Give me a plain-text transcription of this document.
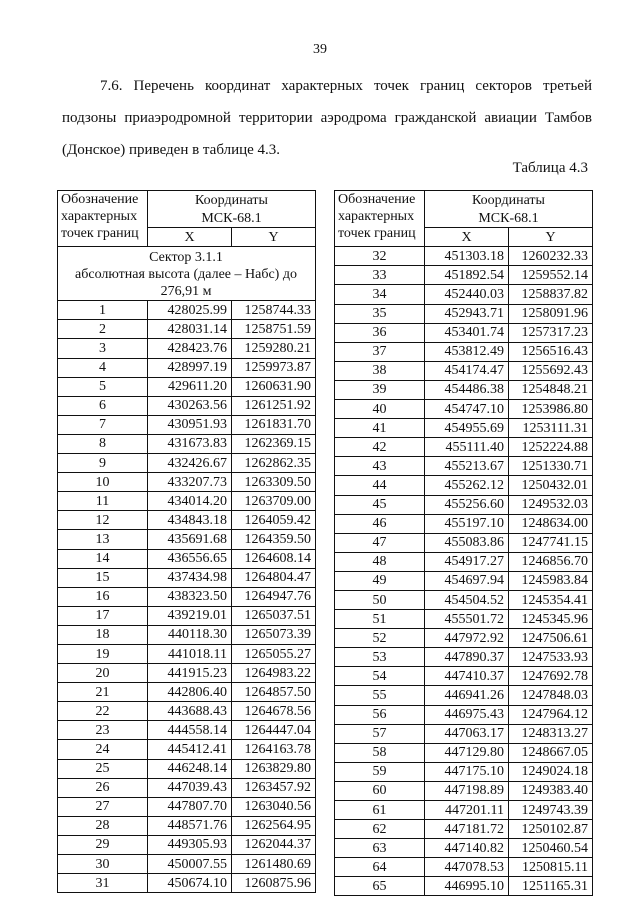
39
7.6. Перечень координат характерных точек границ секторов третьей
подзоны приаэродромной территории аэродрома гражданской авиации Тамбов
(Донское) приведен в таблице 4.3.
Таблица 4.3
Обозначение
характерных
точек границ	Координаты	
	МСК-68.1	
	X	Y

Сектор 3.1.1
абсолютная высота (далее – Набс) до
276,91 м		

1	428025.99	1258744.33
2	428031.14	1258751.59
3	428423.76	1259280.21
4	428997.19	1259973.87
5	429611.20	1260631.90
6	430263.56	1261251.92
7	430951.93	1261831.70
8	431673.83	1262369.15
9	432426.67	1262862.35
10	433207.73	1263309.50
11	434014.20	1263709.00
12	434843.18	1264059.42
13	435691.68	1264359.50
14	436556.65	1264608.14
15	437434.98	1264804.47
16	438323.50	1264947.76
17	439219.01	1265037.51
18	440118.30	1265073.39
19	441018.11	1265055.27
20	441915.23	1264983.22
21	442806.40	1264857.50
22	443688.43	1264678.56
23	444558.14	1264447.04
24	445412.41	1264163.78
25	446248.14	1263829.80
26	447039.43	1263457.92
27	447807.70	1263040.56
28	448571.76	1262564.95
29	449305.93	1262044.37
30	450007.55	1261480.69
31	450674.10	1260875.96
Обозначение
характерных
точек границ	Координаты	
	МСК-68.1	
	X	Y
32	451303.18	1260232.33
33	451892.54	1259552.14
34	452440.03	1258837.82
35	452943.71	1258091.96
36	453401.74	1257317.23
37	453812.49	1256516.43
38	454174.47	1255692.43
39	454486.38	1254848.21
40	454747.10	1253986.80
41	454955.69	1253111.31
42	455111.40	1252224.88
43	455213.67	1251330.71
44	455262.12	1250432.01
45	455256.60	1249532.03
46	455197.10	1248634.00
47	455083.86	1247741.15
48	454917.27	1246856.70
49	454697.94	1245983.84
50	454504.52	1245354.41
51	455501.72	1245345.96
52	447972.92	1247506.61
53	447890.37	1247533.93
54	447410.37	1247692.78
55	446941.26	1247848.03
56	446975.43	1247964.12
57	447063.17	1248313.27
58	447129.80	1248667.05
59	447175.10	1249024.18
60	447198.89	1249383.40
61	447201.11	1249743.39
62	447181.72	1250102.87
63	447140.82	1250460.54
64	447078.53	1250815.11
65	446995.10	1251165.31
